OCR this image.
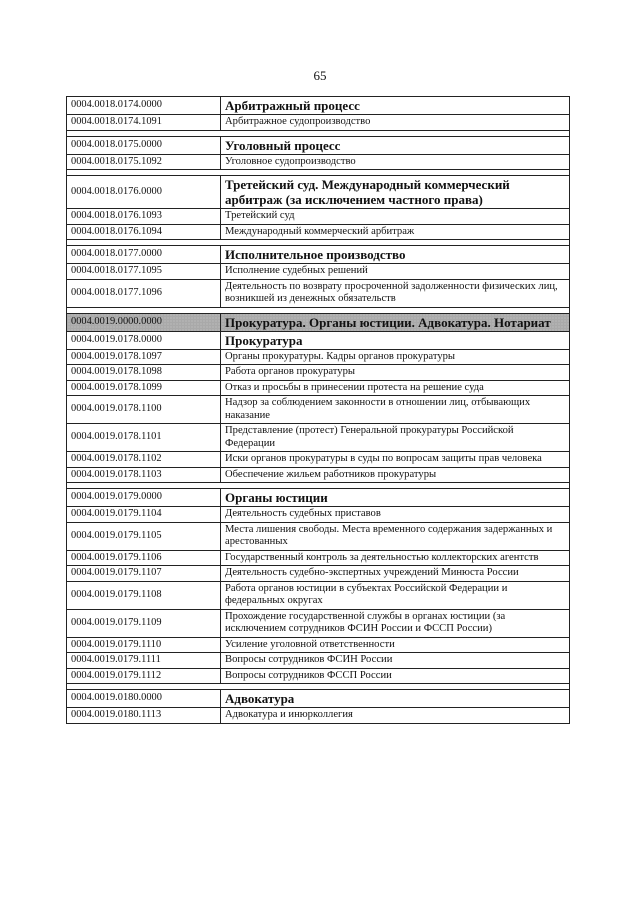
65
0004.0018.0174.0000	Арбитражный процесс
0004.0018.0174.1091	Арбитражное судопроизводство

0004.0018.0175.0000	Уголовный процесс
0004.0018.0175.1092	Уголовное судопроизводство

0004.0018.0176.0000	Третейский суд. Международный коммерческий арбитраж (за исключением частного права)
0004.0018.0176.1093	Третейский суд
0004.0018.0176.1094	Международный коммерческий арбитраж

0004.0018.0177.0000	Исполнительное производство
0004.0018.0177.1095	Исполнение судебных решений
0004.0018.0177.1096	Деятельность по возврату просроченной задолженности физических лиц, возникшей из денежных обязательств

0004.0019.0000.0000	Прокуратура. Органы юстиции. Адвокатура. Нотариат
0004.0019.0178.0000	Прокуратура
0004.0019.0178.1097	Органы прокуратуры. Кадры органов прокуратуры
0004.0019.0178.1098	Работа органов прокуратуры
0004.0019.0178.1099	Отказ и просьбы в принесении протеста на решение суда
0004.0019.0178.1100	Надзор за соблюдением законности в отношении лиц, отбывающих наказание
0004.0019.0178.1101	Представление (протест) Генеральной прокуратуры Российской Федерации
0004.0019.0178.1102	Иски органов прокуратуры в суды по вопросам защиты прав человека
0004.0019.0178.1103	Обеспечение жильем работников прокуратуры

0004.0019.0179.0000	Органы юстиции
0004.0019.0179.1104	Деятельность судебных приставов
0004.0019.0179.1105	Места лишения свободы. Места временного содержания задержанных и арестованных
0004.0019.0179.1106	Государственный контроль за деятельностью коллекторских агентств
0004.0019.0179.1107	Деятельность судебно-экспертных учреждений Минюста России
0004.0019.0179.1108	Работа органов юстиции в субъектах Российской Федерации и федеральных округах
0004.0019.0179.1109	Прохождение государственной службы в органах юстиции (за исключением сотрудников ФСИН России и ФССП России)
0004.0019.0179.1110	Усиление уголовной ответственности
0004.0019.0179.1111	Вопросы сотрудников ФСИН России
0004.0019.0179.1112	Вопросы сотрудников ФССП России

0004.0019.0180.0000	Адвокатура
0004.0019.0180.1113	Адвокатура и инюрколлегия
